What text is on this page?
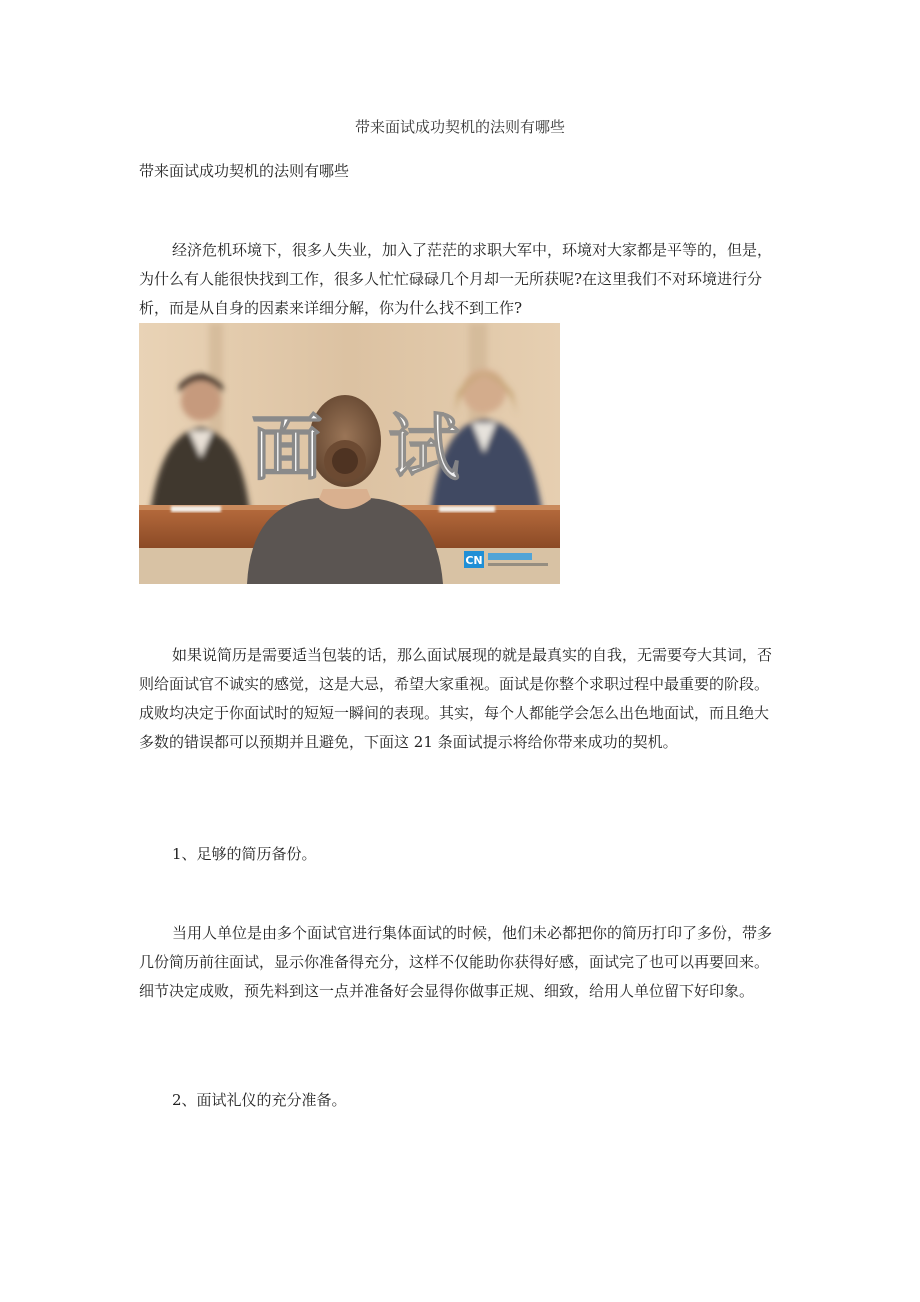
带来面试成功契机的法则有哪些
带来面试成功契机的法则有哪些

经济危机环境下，很多人失业，加入了茫茫的求职大军中，环境对大家都是平等的，但是，为什么有人能很快找到工作，很多人忙忙碌碌几个月却一无所获呢?在这里我们不对环境进行分析，而是从自身的因素来详细分解，你为什么找不到工作?

面 试
CN

如果说简历是需要适当包装的话，那么面试展现的就是最真实的自我，无需要夸大其词，否则给面试官不诚实的感觉，这是大忌，希望大家重视。面试是你整个求职过程中最重要的阶段。成败均决定于你面试时的短短一瞬间的表现。其实，每个人都能学会怎么出色地面试，而且绝大多数的错误都可以预期并且避免，下面这 21 条面试提示将给你带来成功的契机。

1、足够的简历备份。

当用人单位是由多个面试官进行集体面试的时候，他们未必都把你的简历打印了多份，带多几份简历前往面试，显示你准备得充分，这样不仅能助你获得好感，面试完了也可以再要回来。细节决定成败，预先料到这一点并准备好会显得你做事正规、细致，给用人单位留下好印象。

2、面试礼仪的充分准备。
